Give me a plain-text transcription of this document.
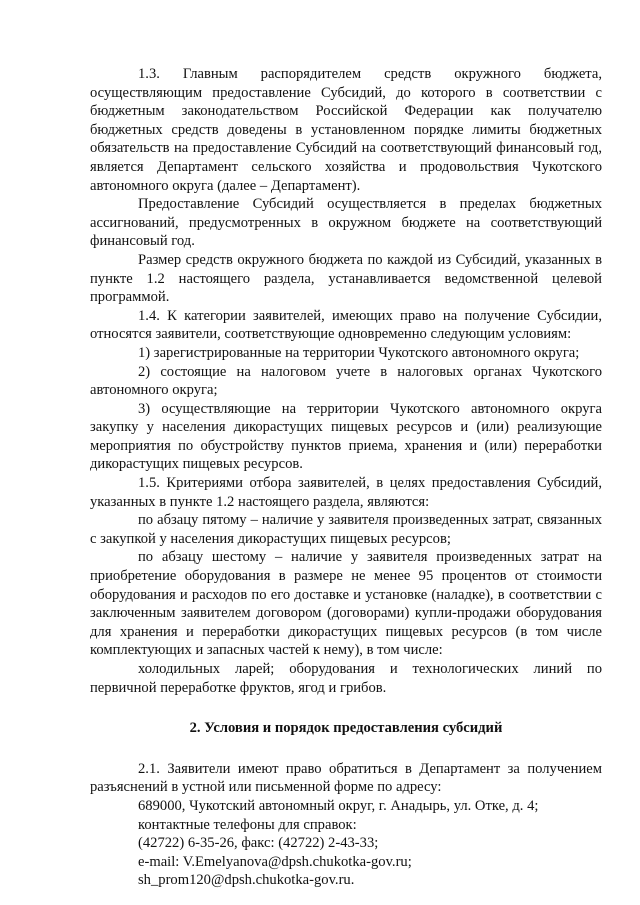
1.3. Главным распорядителем средств окружного бюджета, осуществляющим предоставление Субсидий, до которого в соответствии с бюджетным законодательством Российской Федерации как получателю бюджетных средств доведены в установленном порядке лимиты бюджетных обязательств на предоставление Субсидий на соответствующий финансовый год, является Департамент сельского хозяйства и продовольствия Чукотского автономного округа (далее – Департамент).

Предоставление Субсидий осуществляется в пределах бюджетных ассигнований, предусмотренных в окружном бюджете на соответствующий финансовый год.

Размер средств окружного бюджета по каждой из Субсидий, указанных в пункте 1.2 настоящего раздела, устанавливается ведомственной целевой программой.

1.4. К категории заявителей, имеющих право на получение Субсидии, относятся заявители, соответствующие одновременно следующим условиям:

1) зарегистрированные на территории Чукотского автономного округа;

2) состоящие на налоговом учете в налоговых органах Чукотского автономного округа;

3) осуществляющие на территории Чукотского автономного округа закупку у населения дикорастущих пищевых ресурсов и (или) реализующие мероприятия по обустройству пунктов приема, хранения и (или) переработки дикорастущих пищевых ресурсов.

1.5. Критериями отбора заявителей, в целях предоставления Субсидий, указанных в пункте 1.2 настоящего раздела, являются:

по абзацу пятому – наличие у заявителя произведенных затрат, связанных с закупкой у населения дикорастущих пищевых ресурсов;

по абзацу шестому – наличие у заявителя произведенных затрат на приобретение оборудования в размере не менее 95 процентов от стоимости оборудования и расходов по его доставке и установке (наладке), в соответствии с заключенным заявителем договором (договорами) купли-продажи оборудования для хранения и переработки дикорастущих пищевых ресурсов (в том числе комплектующих и запасных частей к нему), в том числе:

холодильных ларей; оборудования и технологических линий по первичной переработке фруктов, ягод и грибов.

2. Условия и порядок предоставления субсидий

2.1. Заявители имеют право обратиться в Департамент за получением разъяснений в устной или письменной форме по адресу:

689000, Чукотский автономный округ, г. Анадырь, ул. Отке, д. 4;

контактные телефоны для справок:

(42722) 6-35-26, факс: (42722) 2-43-33;

e-mail: V.Emelyanova@dpsh.chukotka-gov.ru;

sh_prom120@dpsh.chukotka-gov.ru.
